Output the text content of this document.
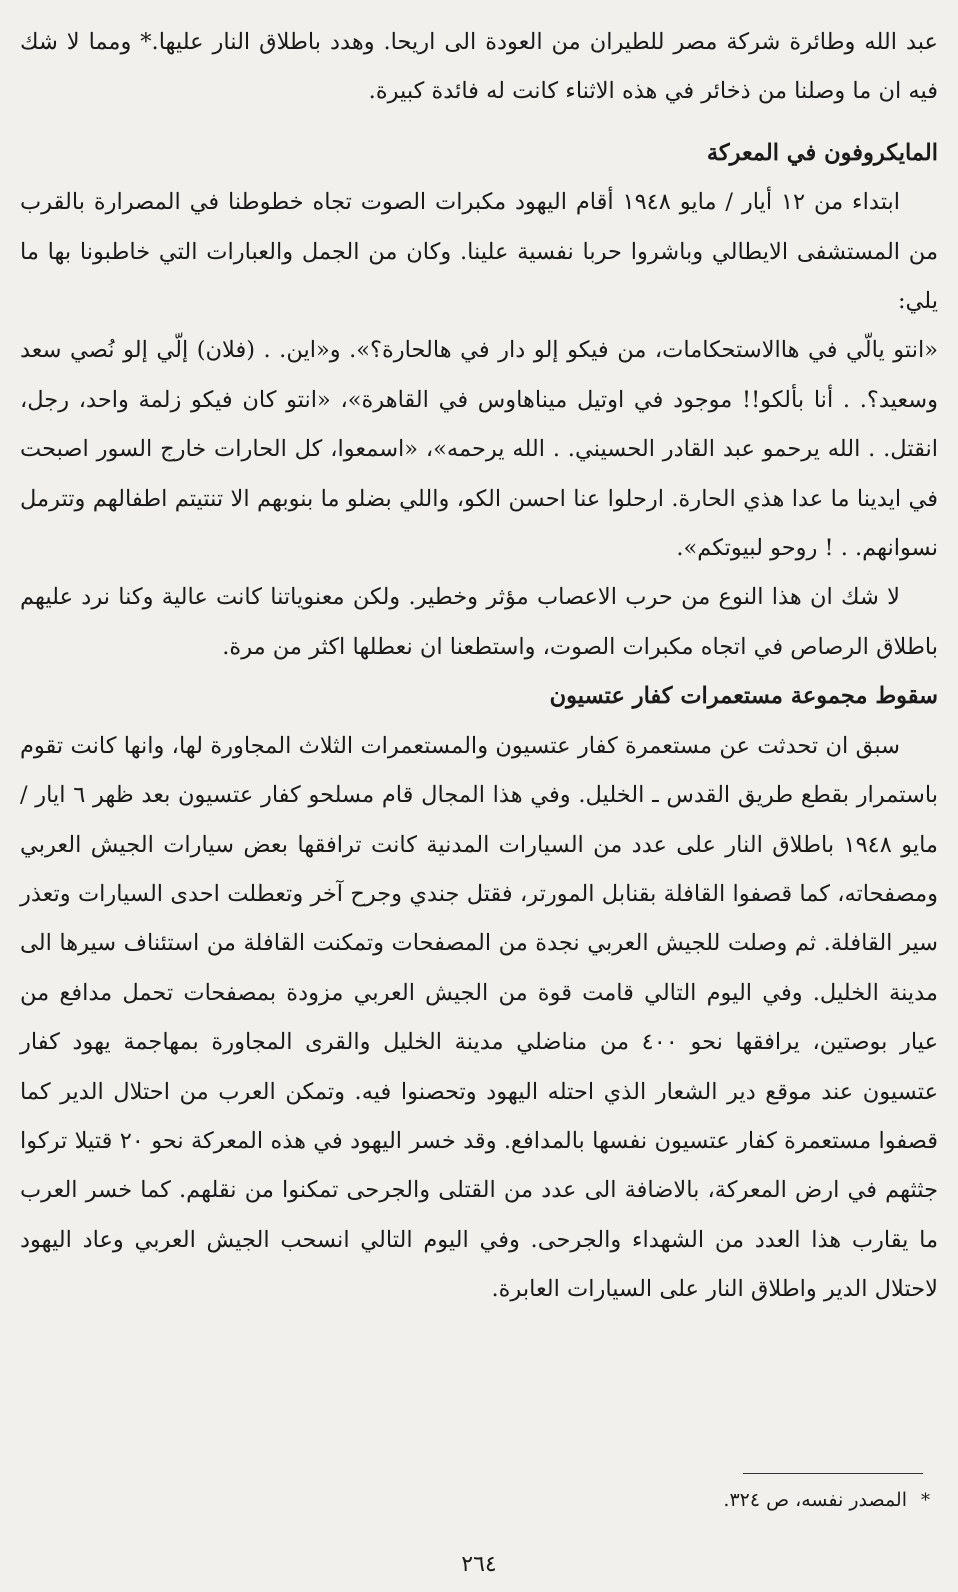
عبد الله وطائرة شركة مصر للطيران من العودة الى اريحا. وهدد باطلاق النار عليها.* ومما لا شك فيه ان ما وصلنا من ذخائر في هذه الاثناء كانت له فائدة كبيرة.

المايكروفون في المعركة

ابتداء من ١٢ أيار / مايو ١٩٤٨ أقام اليهود مكبرات الصوت تجاه خطوطنا في المصرارة بالقرب من المستشفى الايطالي وباشروا حربا نفسية علينا. وكان من الجمل والعبارات التي خاطبونا بها ما يلي:

«انتو يالّي في هاالاستحكامات، من فيكو إلو دار في هالحارة؟». و«اين. . (فلان) إلّي إلو نُصي سعد وسعيد؟. . أنا بألكو!! موجود في اوتيل ميناهاوس في القاهرة»، «انتو كان فيكو زلمة واحد، رجل، انقتل. . الله يرحمو عبد القادر الحسيني. . الله يرحمه»، «اسمعوا، كل الحارات خارج السور اصبحت في ايدينا ما عدا هذي الحارة. ارحلوا عنا احسن الكو، واللي بضلو ما بنوبهم الا تنتيتم اطفالهم وتترمل نسوانهم. . ! روحو لبيوتكم».

لا شك ان هذا النوع من حرب الاعصاب مؤثر وخطير. ولكن معنوياتنا كانت عالية وكنا نرد عليهم باطلاق الرصاص في اتجاه مكبرات الصوت، واستطعنا ان نعطلها اكثر من مرة.

سقوط مجموعة مستعمرات كفار عتسيون

سبق ان تحدثت عن مستعمرة كفار عتسيون والمستعمرات الثلاث المجاورة لها، وانها كانت تقوم باستمرار بقطع طريق القدس ـ الخليل. وفي هذا المجال قام مسلحو كفار عتسيون بعد ظهر ٦ ايار / مايو ١٩٤٨ باطلاق النار على عدد من السيارات المدنية كانت ترافقها بعض سيارات الجيش العربي ومصفحاته، كما قصفوا القافلة بقنابل المورتر، فقتل جندي وجرح آخر وتعطلت احدى السيارات وتعذر سير القافلة. ثم وصلت للجيش العربي نجدة من المصفحات وتمكنت القافلة من استئناف سيرها الى مدينة الخليل. وفي اليوم التالي قامت قوة من الجيش العربي مزودة بمصفحات تحمل مدافع من عيار بوصتين، يرافقها نحو ٤٠٠ من مناضلي مدينة الخليل والقرى المجاورة بمهاجمة يهود كفار عتسيون عند موقع دير الشعار الذي احتله اليهود وتحصنوا فيه. وتمكن العرب من احتلال الدير كما قصفوا مستعمرة كفار عتسيون نفسها بالمدافع. وقد خسر اليهود في هذه المعركة نحو ٢٠ قتيلا تركوا جثثهم في ارض المعركة، بالاضافة الى عدد من القتلى والجرحى تمكنوا من نقلهم. كما خسر العرب ما يقارب هذا العدد من الشهداء والجرحى. وفي اليوم التالي انسحب الجيش العربي وعاد اليهود لاحتلال الدير واطلاق النار على السيارات العابرة.

*المصدر نفسه، ص ٣٢٤.
٢٦٤
